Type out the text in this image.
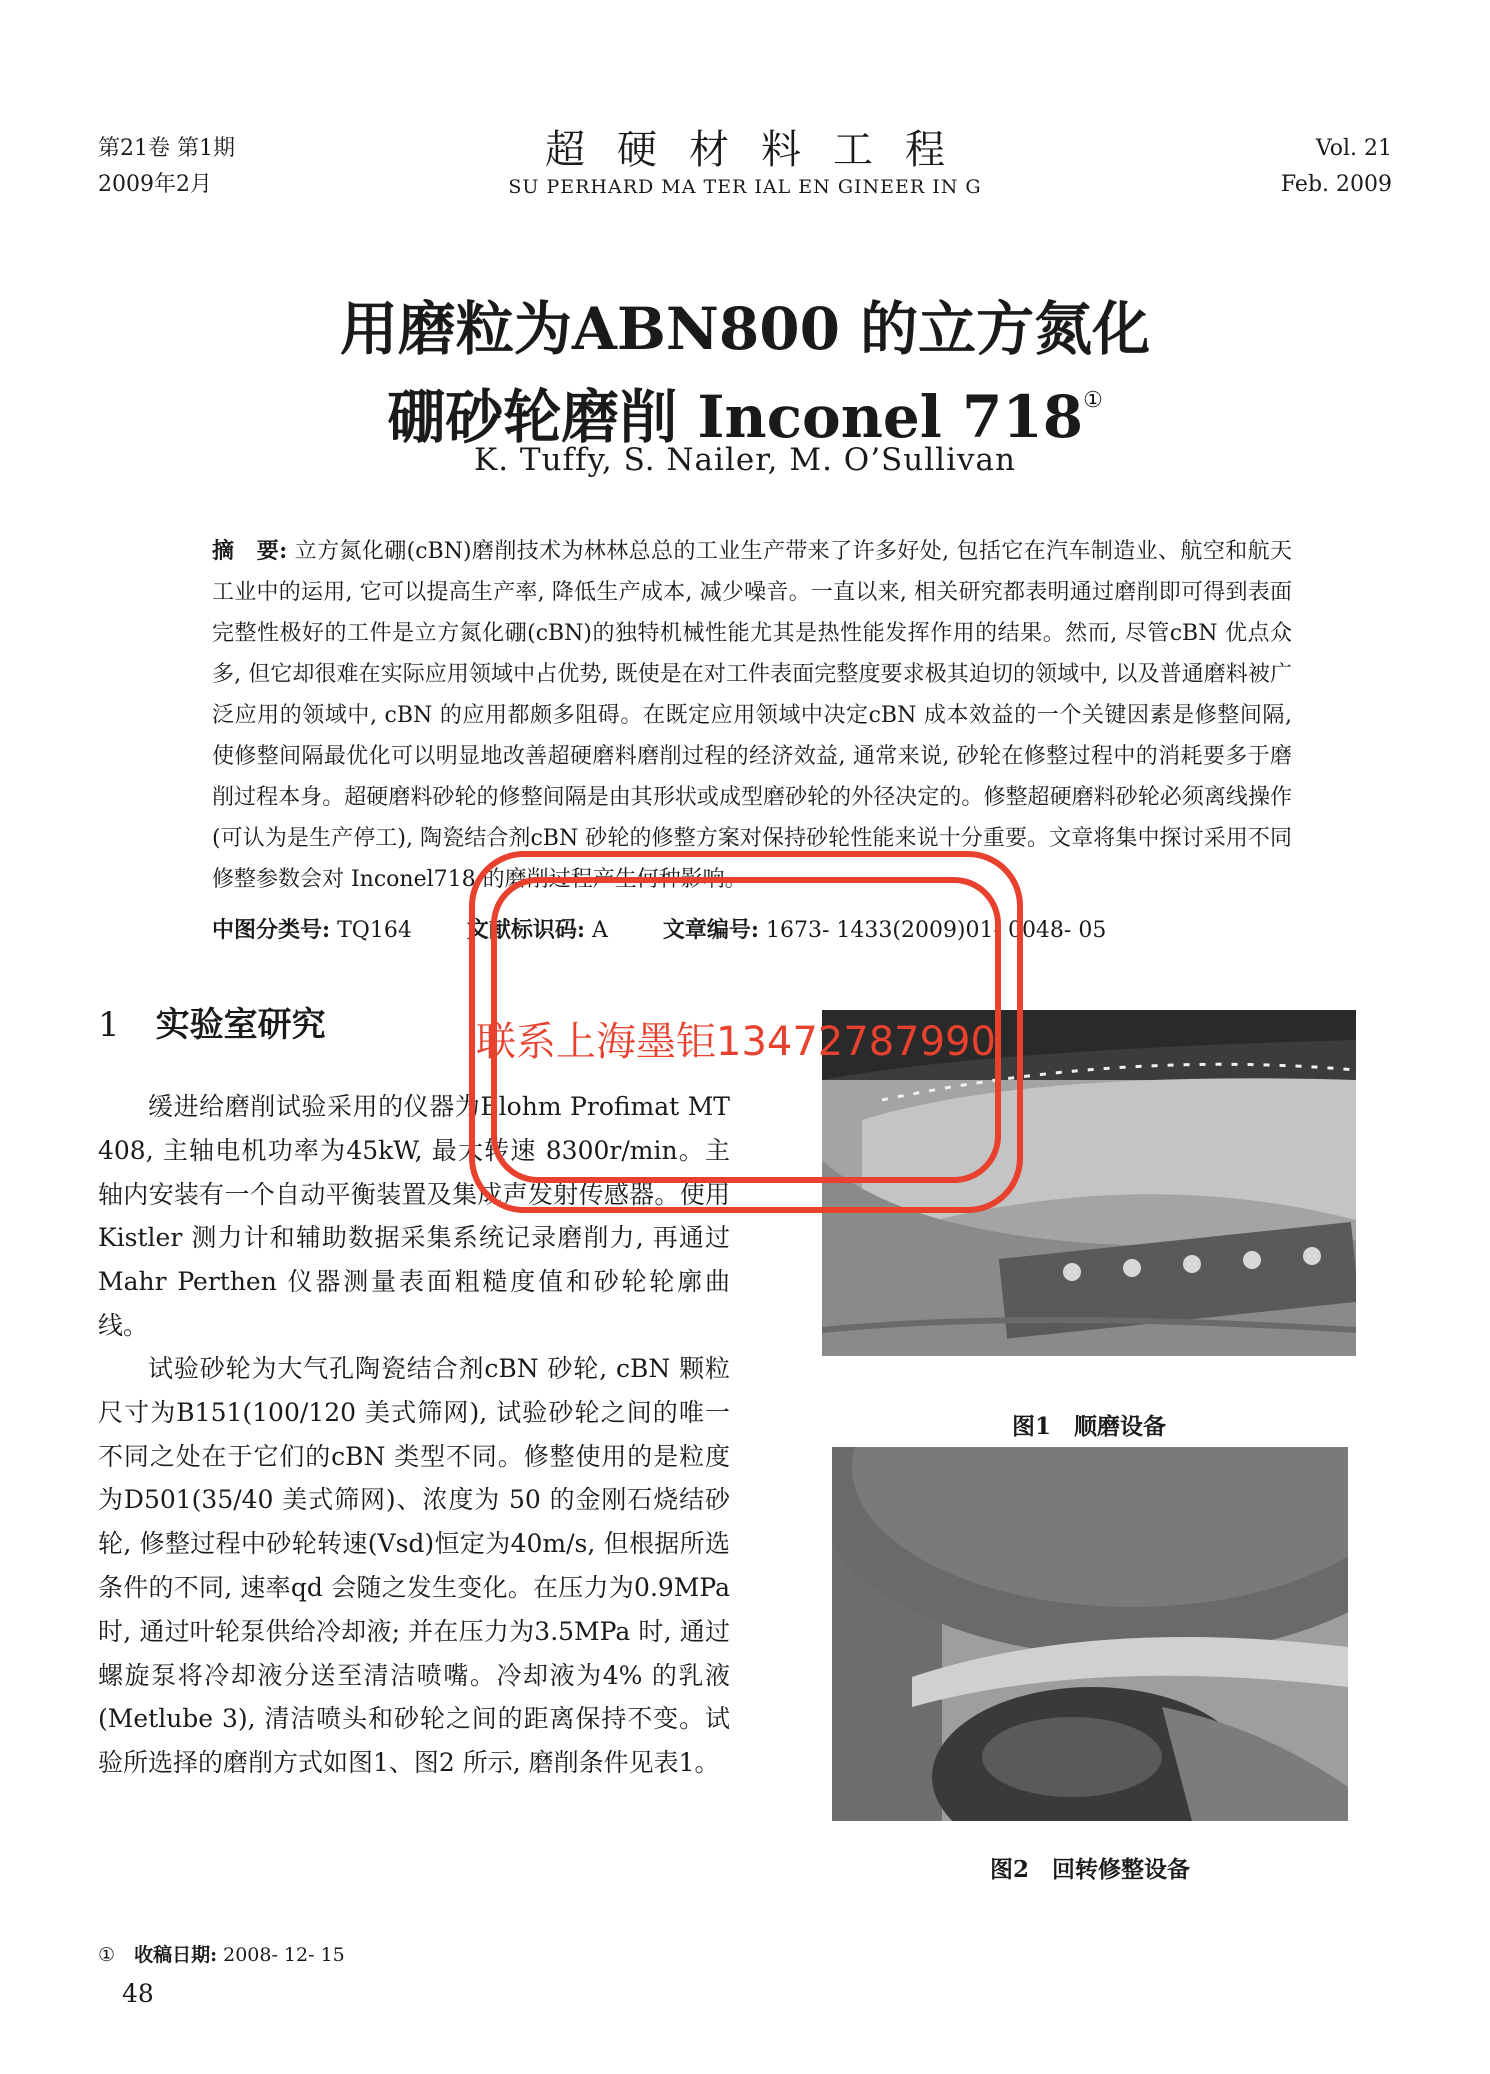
第21卷 第1期
2009年2月
超硬材料工程
SU PERHARD MA TER IAL EN GINEER IN G
Vol. 21
Feb. 2009
用磨粒为ABN800 的立方氮化
硼砂轮磨削 Inconel 718①
K. Tuffy, S. Nailer, M. O’Sullivan
摘　要: 立方氮化硼(cBN)磨削技术为林林总总的工业生产带来了许多好处, 包括它在汽车制造业、航空和航天工业中的运用, 它可以提高生产率, 降低生产成本, 减少噪音。一直以来, 相关研究都表明通过磨削即可得到表面完整性极好的工件是立方氮化硼(cBN)的独特机械性能尤其是热性能发挥作用的结果。然而, 尽管cBN 优点众多, 但它却很难在实际应用领域中占优势, 既使是在对工件表面完整度要求极其迫切的领域中, 以及普通磨料被广泛应用的领域中, cBN 的应用都颇多阻碍。在既定应用领域中决定cBN 成本效益的一个关键因素是修整间隔, 使修整间隔最优化可以明显地改善超硬磨料磨削过程的经济效益, 通常来说, 砂轮在修整过程中的消耗要多于磨削过程本身。超硬磨料砂轮的修整间隔是由其形状或成型磨砂轮的外径决定的。修整超硬磨料砂轮必须离线操作(可认为是生产停工), 陶瓷结合剂cBN 砂轮的修整方案对保持砂轮性能来说十分重要。文章将集中探讨采用不同修整参数会对 Inconel718 的磨削过程产生何种影响。
中图分类号: TQ164	文献标识码: A	文章编号: 1673- 1433(2009)01- 0048- 05
1 实验室研究
缓进给磨削试验采用的仪器为Blohm Profimat MT 408, 主轴电机功率为45kW, 最大转速 8300r/min。主轴内安装有一个自动平衡装置及集成声发射传感器。使用Kistler 测力计和辅助数据采集系统记录磨削力, 再通过Mahr Perthen 仪器测量表面粗糙度值和砂轮轮廓曲线。
试验砂轮为大气孔陶瓷结合剂cBN 砂轮, cBN 颗粒尺寸为B151(100/120 美式筛网), 试验砂轮之间的唯一不同之处在于它们的cBN 类型不同。修整使用的是粒度为D501(35/40 美式筛网)、浓度为 50 的金刚石烧结砂轮, 修整过程中砂轮转速(Vsd)恒定为40m/s, 但根据所选条件的不同, 速率qd 会随之发生变化。在压力为0.9MPa 时, 通过叶轮泵供给冷却液; 并在压力为3.5MPa 时, 通过螺旋泵将冷却液分送至清洁喷嘴。冷却液为4% 的乳液(Metlube 3), 清洁喷头和砂轮之间的距离保持不变。试验所选择的磨削方式如图1、图2 所示, 磨削条件见表1。
图1　顺磨设备
图2　回转修整设备
①　 收稿日期: 2008- 12- 15
48
联系上海墨钜13472787990
